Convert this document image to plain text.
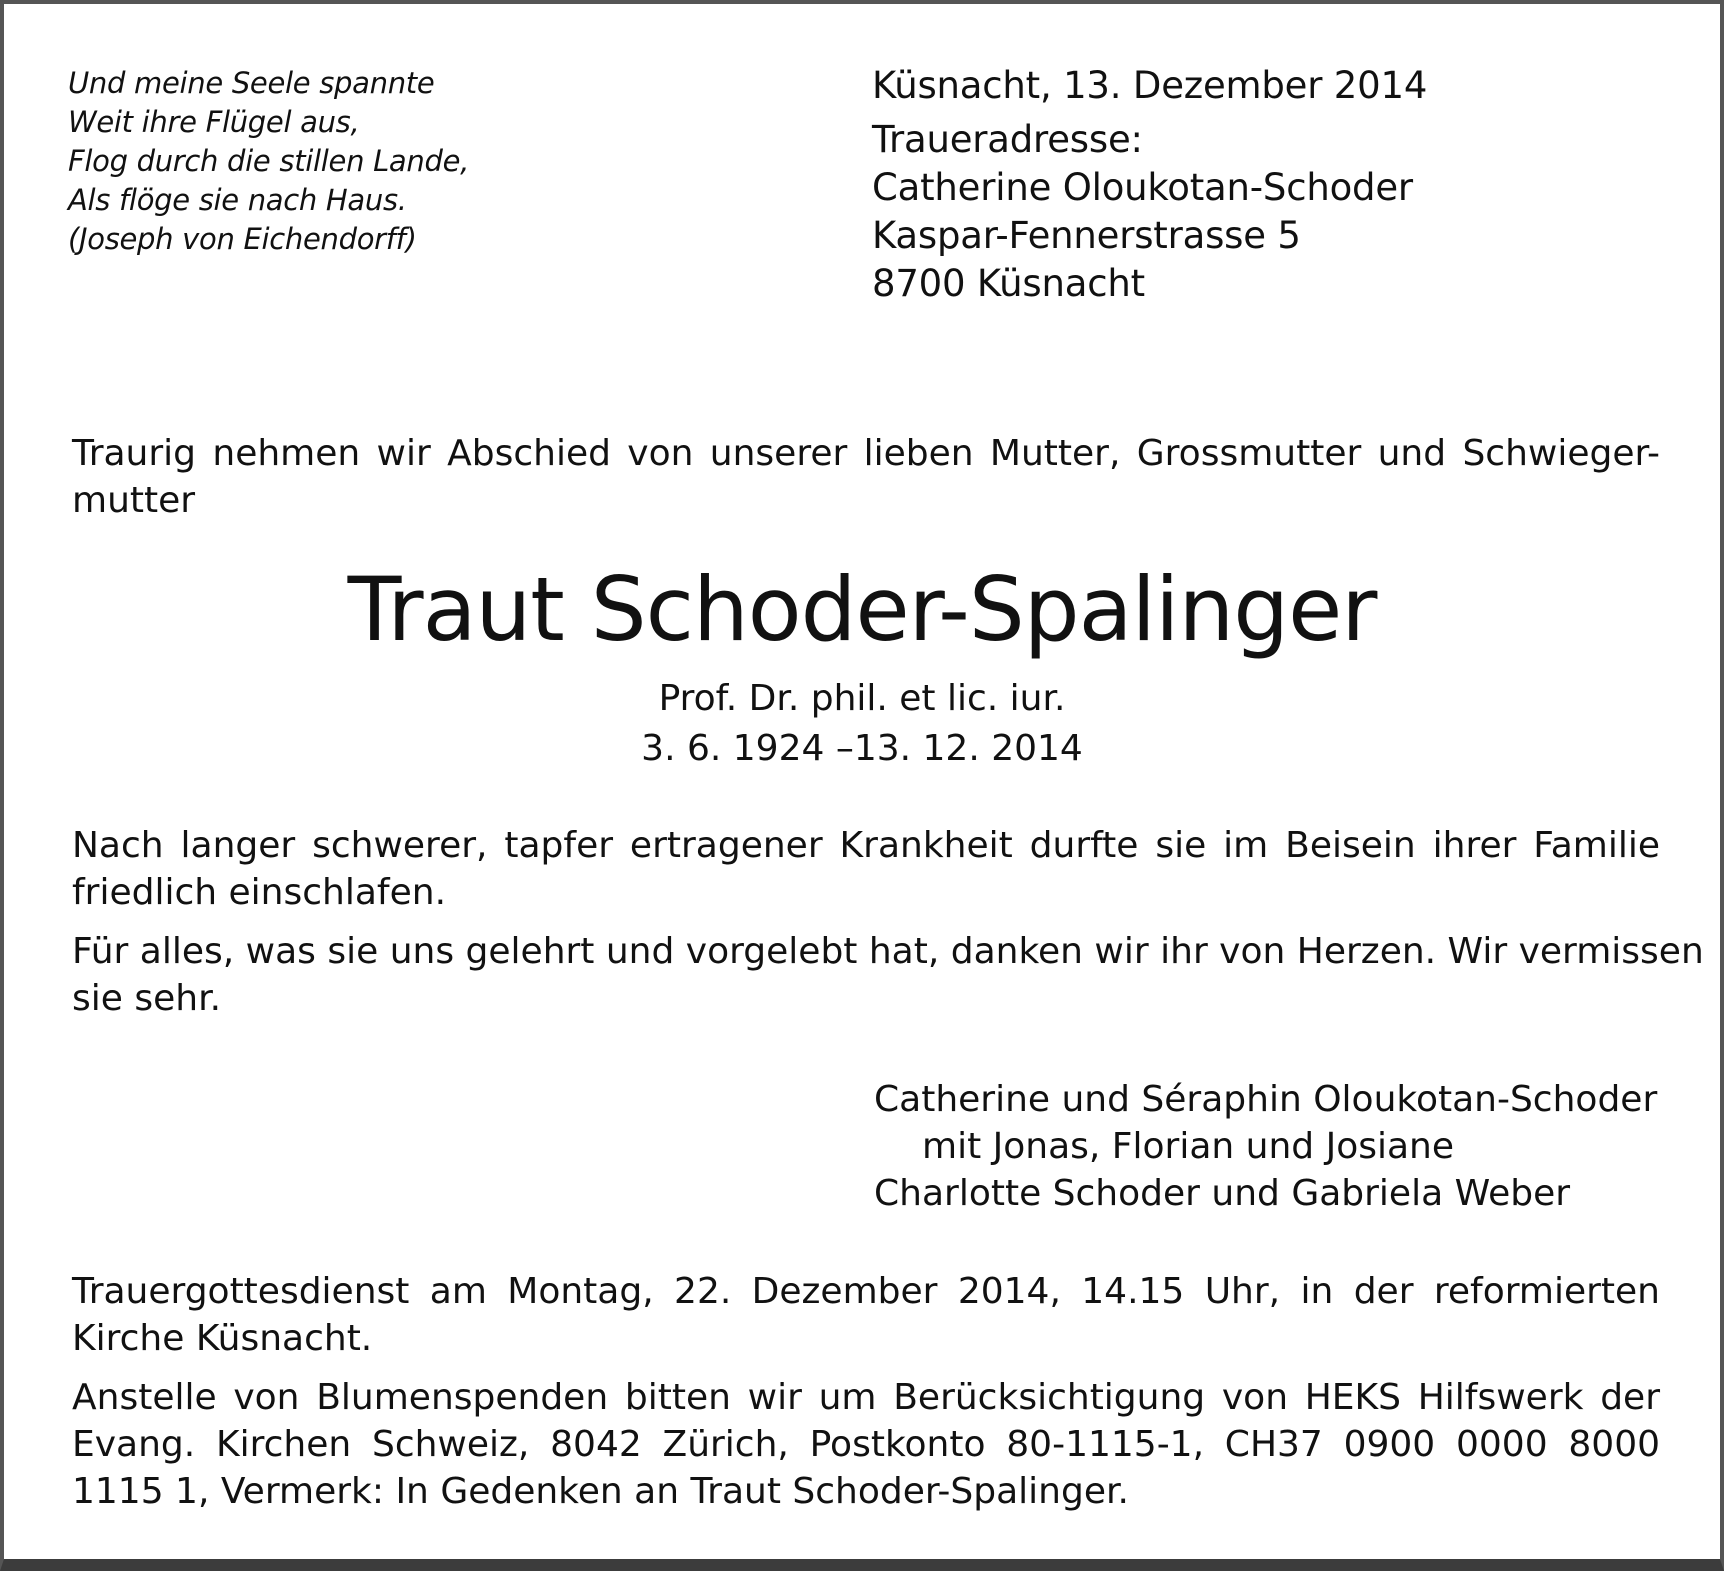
Und meine Seele spannte
Weit ihre Flügel aus,
Flog durch die stillen Lande,
Als flöge sie nach Haus.
(Joseph von Eichendorff)
Küsnacht, 13. Dezember 2014
Traueradresse:
Catherine Oloukotan-Schoder
Kaspar-Fennerstrasse 5
8700 Küsnacht
Traurig nehmen wir Abschied von unserer lieben Mutter, Grossmutter und Schwieger-
mutter
Traut Schoder-Spalinger
Prof. Dr. phil. et lic. iur.
3. 6. 1924 –13. 12. 2014
Nach langer schwerer, tapfer ertragener Krankheit durfte sie im Beisein ihrer Familie
friedlich einschlafen.
Für alles, was sie uns gelehrt und vorgelebt hat, danken wir ihr von Herzen. Wir vermissen
sie sehr.
Catherine und Séraphin Oloukotan-Schoder
mit Jonas, Florian und Josiane
Charlotte Schoder und Gabriela Weber
Trauergottesdienst am Montag, 22. Dezember 2014, 14.15 Uhr, in der reformierten
Kirche Küsnacht.
Anstelle von Blumenspenden bitten wir um Berücksichtigung von HEKS Hilfswerk der
Evang. Kirchen Schweiz, 8042 Zürich, Postkonto 80-1115-1, CH37 0900 0000 8000
1115 1, Vermerk: In Gedenken an Traut Schoder-Spalinger.
